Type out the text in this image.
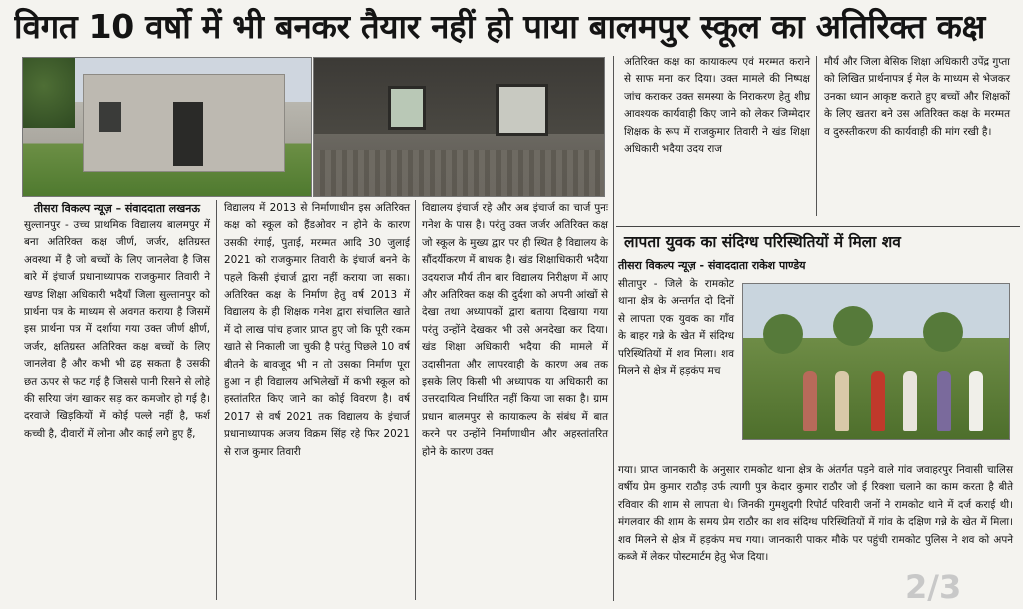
विगत 10 वर्षो में भी बनकर तैयार नहीं हो पाया बालमपुर स्कूल का अतिरिक्त कक्ष
तीसरा विकल्प न्यूज़ – संवाददाता लखनऊ
सुल्तानपुर - उच्च प्राथमिक विद्यालय बालमपुर में बना अतिरिक्त कक्ष जीर्ण, जर्जर, क्षतिग्रस्त अवस्था में है जो बच्चों के लिए जानलेवा है जिस बारे में इंचार्ज प्रधानाध्यापक राजकुमार तिवारी ने खण्ड शिक्षा अधिकारी भदैयाँ जिला सुल्तानपुर को प्रार्थना पत्र के माध्यम से अवगत कराया है जिसमें इस प्रार्थना पत्र में दर्शाया गया उक्त जीर्ण क्षीर्ण, जर्जर, क्षतिग्रस्त अतिरिक्त कक्ष बच्चों के लिए जानलेवा है और कभी भी ढह सकता है उसकी छत ऊपर से फट गई है जिससे पानी रिसने से लोहे की सरिया जंग खाकर सड़ कर कमजोर हो गई है। दरवाजे खिड़कियों में कोई पल्ले नहीं है, फर्श कच्ची है, दीवारों में लोना और काई लगे हुए हैं,
विद्यालय में 2013 से निर्माणाधीन इस अतिरिक्त कक्ष को स्कूल को हैंडओवर न होने के कारण उसकी रंगाई, पुताई, मरम्मत आदि 30 जुलाई 2021 को राजकुमार तिवारी के इंचार्ज बनने के पहले किसी इंचार्ज द्वारा नहीं कराया जा सका। अतिरिक्त कक्ष के निर्माण हेतु वर्ष 2013 में विद्यालय के ही शिक्षक गनेश द्वारा संचालित खाते में दो लाख पांच हजार प्राप्त हुए जो कि पूरी रकम खाते से निकाली जा चुकी है परंतु पिछले 10 वर्ष बीतने के बावजूद भी न तो उसका निर्माण पूरा हुआ न ही विद्यालय अभिलेखों में कभी स्कूल को हस्तांतरित किए जाने का कोई विवरण है। वर्ष 2017 से वर्ष 2021 तक विद्यालय के इंचार्ज प्रधानाध्यापक अजय विक्रम सिंह रहे फिर 2021 से राज कुमार तिवारी
विद्यालय इंचार्ज रहे और अब इंचार्ज का चार्ज पुनः गनेश के पास है। परंतु उक्त जर्जर अतिरिक्त कक्ष जो स्कूल के मुख्य द्वार पर ही स्थित है विद्यालय के सौंदर्यीकरण में बाधक है। खंड शिक्षाधिकारी भदैया उदयराज मौर्य तीन बार विद्यालय निरीक्षण में आए और अतिरिक्त कक्ष की दुर्दशा को अपनी आंखों से देखा तथा अध्यापकों द्वारा बताया दिखाया गया परंतु उन्होंने देखकर भी उसे अनदेखा कर दिया। खंड शिक्षा अधिकारी भदैया की मामले में उदासीनता और लापरवाही के कारण अब तक इसके लिए किसी भी अध्यापक या अधिकारी का उत्तरदायित्व निर्धारित नहीं किया जा सका है। ग्राम प्रधान बालमपुर से कायाकल्प के संबंध में बात करने पर उन्होंने निर्माणाधीन और अहस्तांतरित होने के कारण उक्त
अतिरिक्त कक्ष का कायाकल्प एवं मरम्मत कराने से साफ मना कर दिया। उक्त मामले की निष्पक्ष जांच कराकर उक्त समस्या के निराकरण हेतु शीघ्र आवश्यक कार्यवाही किए जाने को लेकर जिम्मेदार शिक्षक के रूप में राजकुमार तिवारी ने खंड शिक्षा अधिकारी भदैया उदय राज
मौर्य और जिला बेसिक शिक्षा अधिकारी उपेंद्र गुप्ता को लिखित प्रार्थनापत्र ई मेल के माध्यम से भेजकर उनका ध्यान आकृष्ट कराते हुए बच्चों और शिक्षकों के लिए खतरा बने उस अतिरिक्त कक्ष के मरम्मत व दुरुस्तीकरण की कार्यवाही की मांग रखी है।
लापता युवक का संदिग्ध परिस्थितियों में मिला शव
तीसरा विकल्प न्यूज़ - संवाददाता राकेश पाण्डेय
सीतापुर - जिले के रामकोट थाना क्षेत्र के अन्तर्गत दो दिनों से लापता एक युवक का गाँव के बाहर गन्ने के खेत में संदिग्ध परिस्थितियों में शव मिला। शव मिलने से क्षेत्र में हड़कंप मच
गया। प्राप्त जानकारी के अनुसार रामकोट थाना क्षेत्र के अंतर्गत पड़ने वाले गांव जवाहरपुर निवासी चालिस वर्षीय प्रेम कुमार राठौड़ उर्फ त्यागी पुत्र केदार कुमार राठौर जो ई रिक्शा चलाने का काम करता है बीते रविवार की शाम से लापता थे। जिनकी गुमशुदगी रिपोर्ट परिवारी जनों ने रामकोट थाने में दर्ज कराई थी। मंगलवार की शाम के समय प्रेम राठौर का शव संदिग्ध परिस्थितियों में गांव के दक्षिण गन्ने के खेत में मिला। शव मिलने से क्षेत्र में हड़कंप मच गया। जानकारी पाकर मौके पर पहुंची रामकोट पुलिस ने शव को अपने कब्जे में लेकर पोस्टमार्टम हेतु भेज दिया।
2/3
